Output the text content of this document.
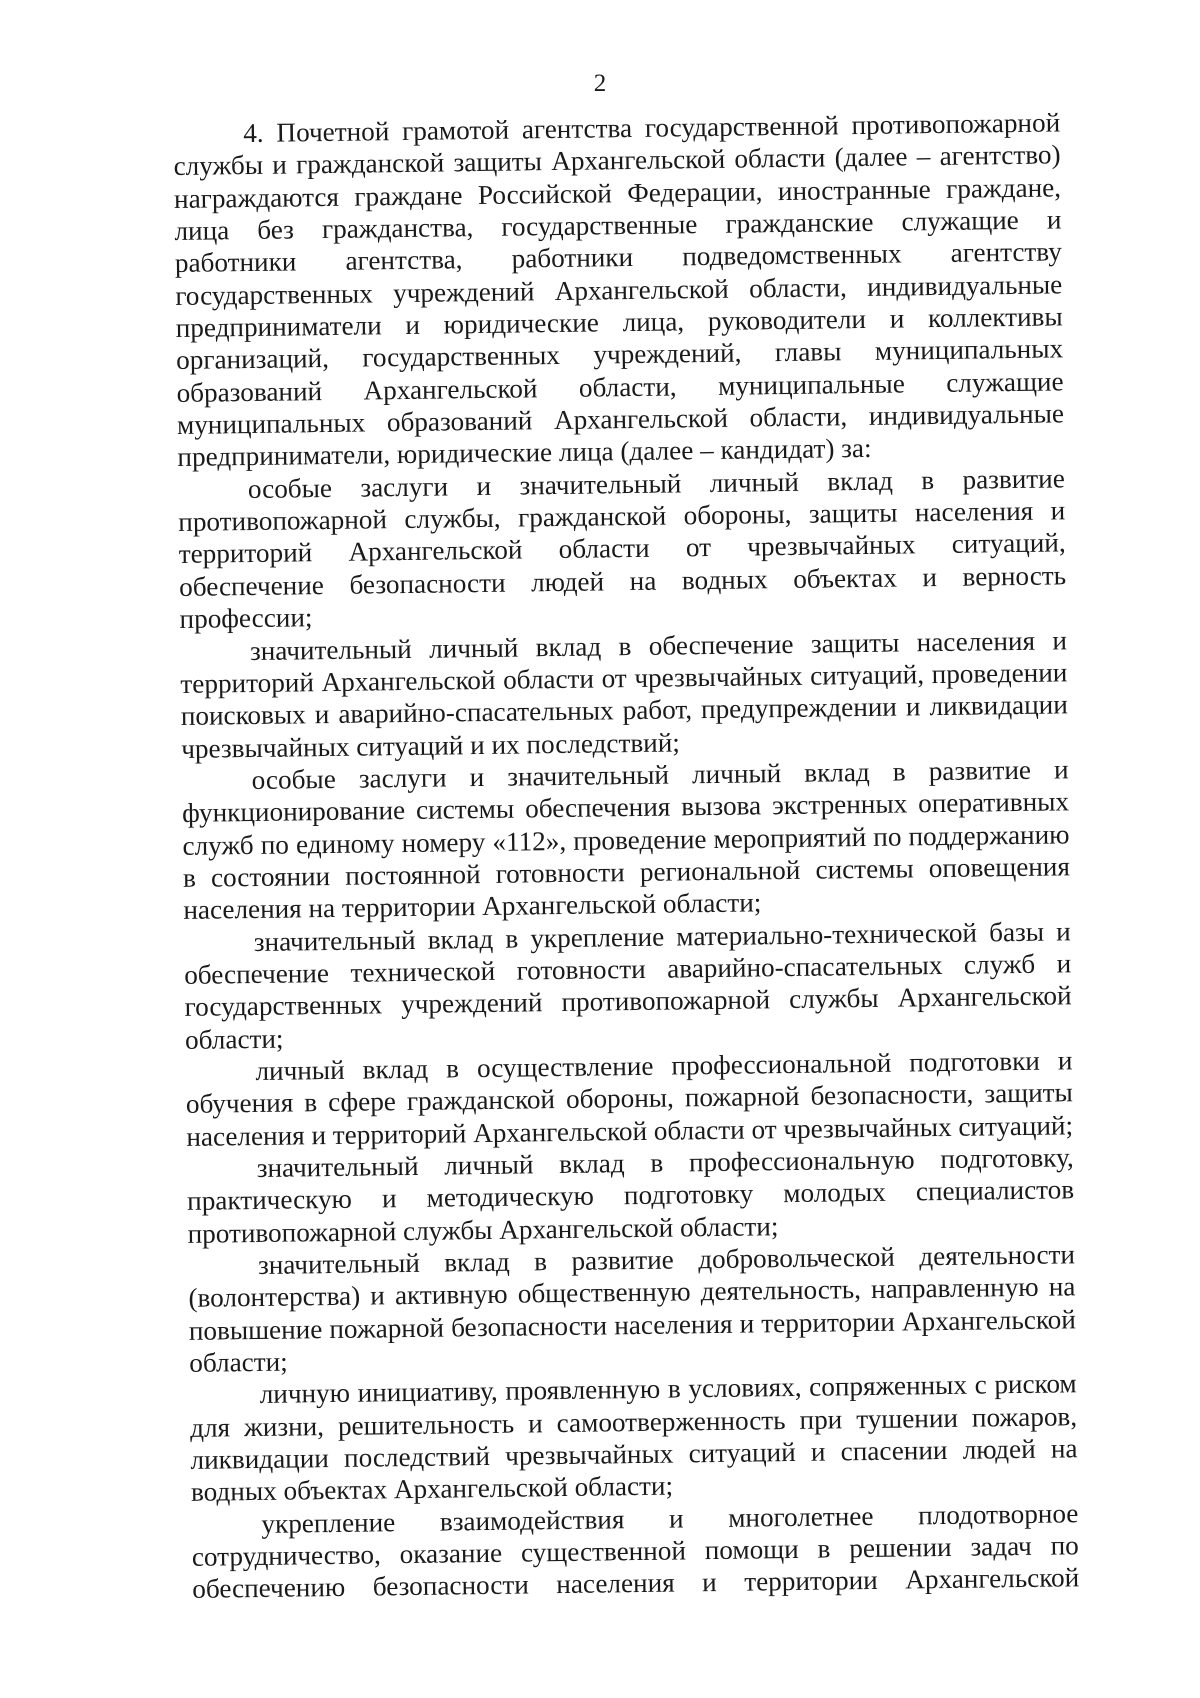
2

4. Почетной грамотой агентства государственной противопожарной службы и гражданской защиты Архангельской области (далее – агентство) награждаются граждане Российской Федерации, иностранные граждане, лица без гражданства, государственные гражданские служащие и работники агентства, работники подведомственных агентству государственных учреждений Архангельской области, индивидуальные предприниматели и юридические лица, руководители и коллективы организаций, государственных учреждений, главы муниципальных образований Архангельской области, муниципальные служащие муниципальных образований Архангельской области, индивидуальные предприниматели, юридические лица (далее – кандидат) за:

особые заслуги и значительный личный вклад в развитие противопожарной службы, гражданской обороны, защиты населения и территорий Архангельской области от чрезвычайных ситуаций, обеспечение безопасности людей на водных объектах и верность профессии;

значительный личный вклад в обеспечение защиты населения и территорий Архангельской области от чрезвычайных ситуаций, проведении поисковых и аварийно-спасательных работ, предупреждении и ликвидации чрезвычайных ситуаций и их последствий;

особые заслуги и значительный личный вклад в развитие и функционирование системы обеспечения вызова экстренных оперативных служб по единому номеру «112», проведение мероприятий по поддержанию в состоянии постоянной готовности региональной системы оповещения населения на территории Архангельской области;

значительный вклад в укрепление материально-технической базы и обеспечение технической готовности аварийно-спасательных служб и государственных учреждений противопожарной службы Архангельской области;

личный вклад в осуществление профессиональной подготовки и обучения в сфере гражданской обороны, пожарной безопасности, защиты населения и территорий Архангельской области от чрезвычайных ситуаций;

значительный личный вклад в профессиональную подготовку, практическую и методическую подготовку молодых специалистов противопожарной службы Архангельской области;

значительный вклад в развитие добровольческой деятельности (волонтерства) и активную общественную деятельность, направленную на повышение пожарной безопасности населения и территории Архангельской области;

личную инициативу, проявленную в условиях, сопряженных с риском для жизни, решительность и самоотверженность при тушении пожаров, ликвидации последствий чрезвычайных ситуаций и спасении людей на водных объектах Архангельской области;

укрепление взаимодействия и многолетнее плодотворное сотрудничество, оказание существенной помощи в решении задач по обеспечению безопасности населения и территории Архангельской
